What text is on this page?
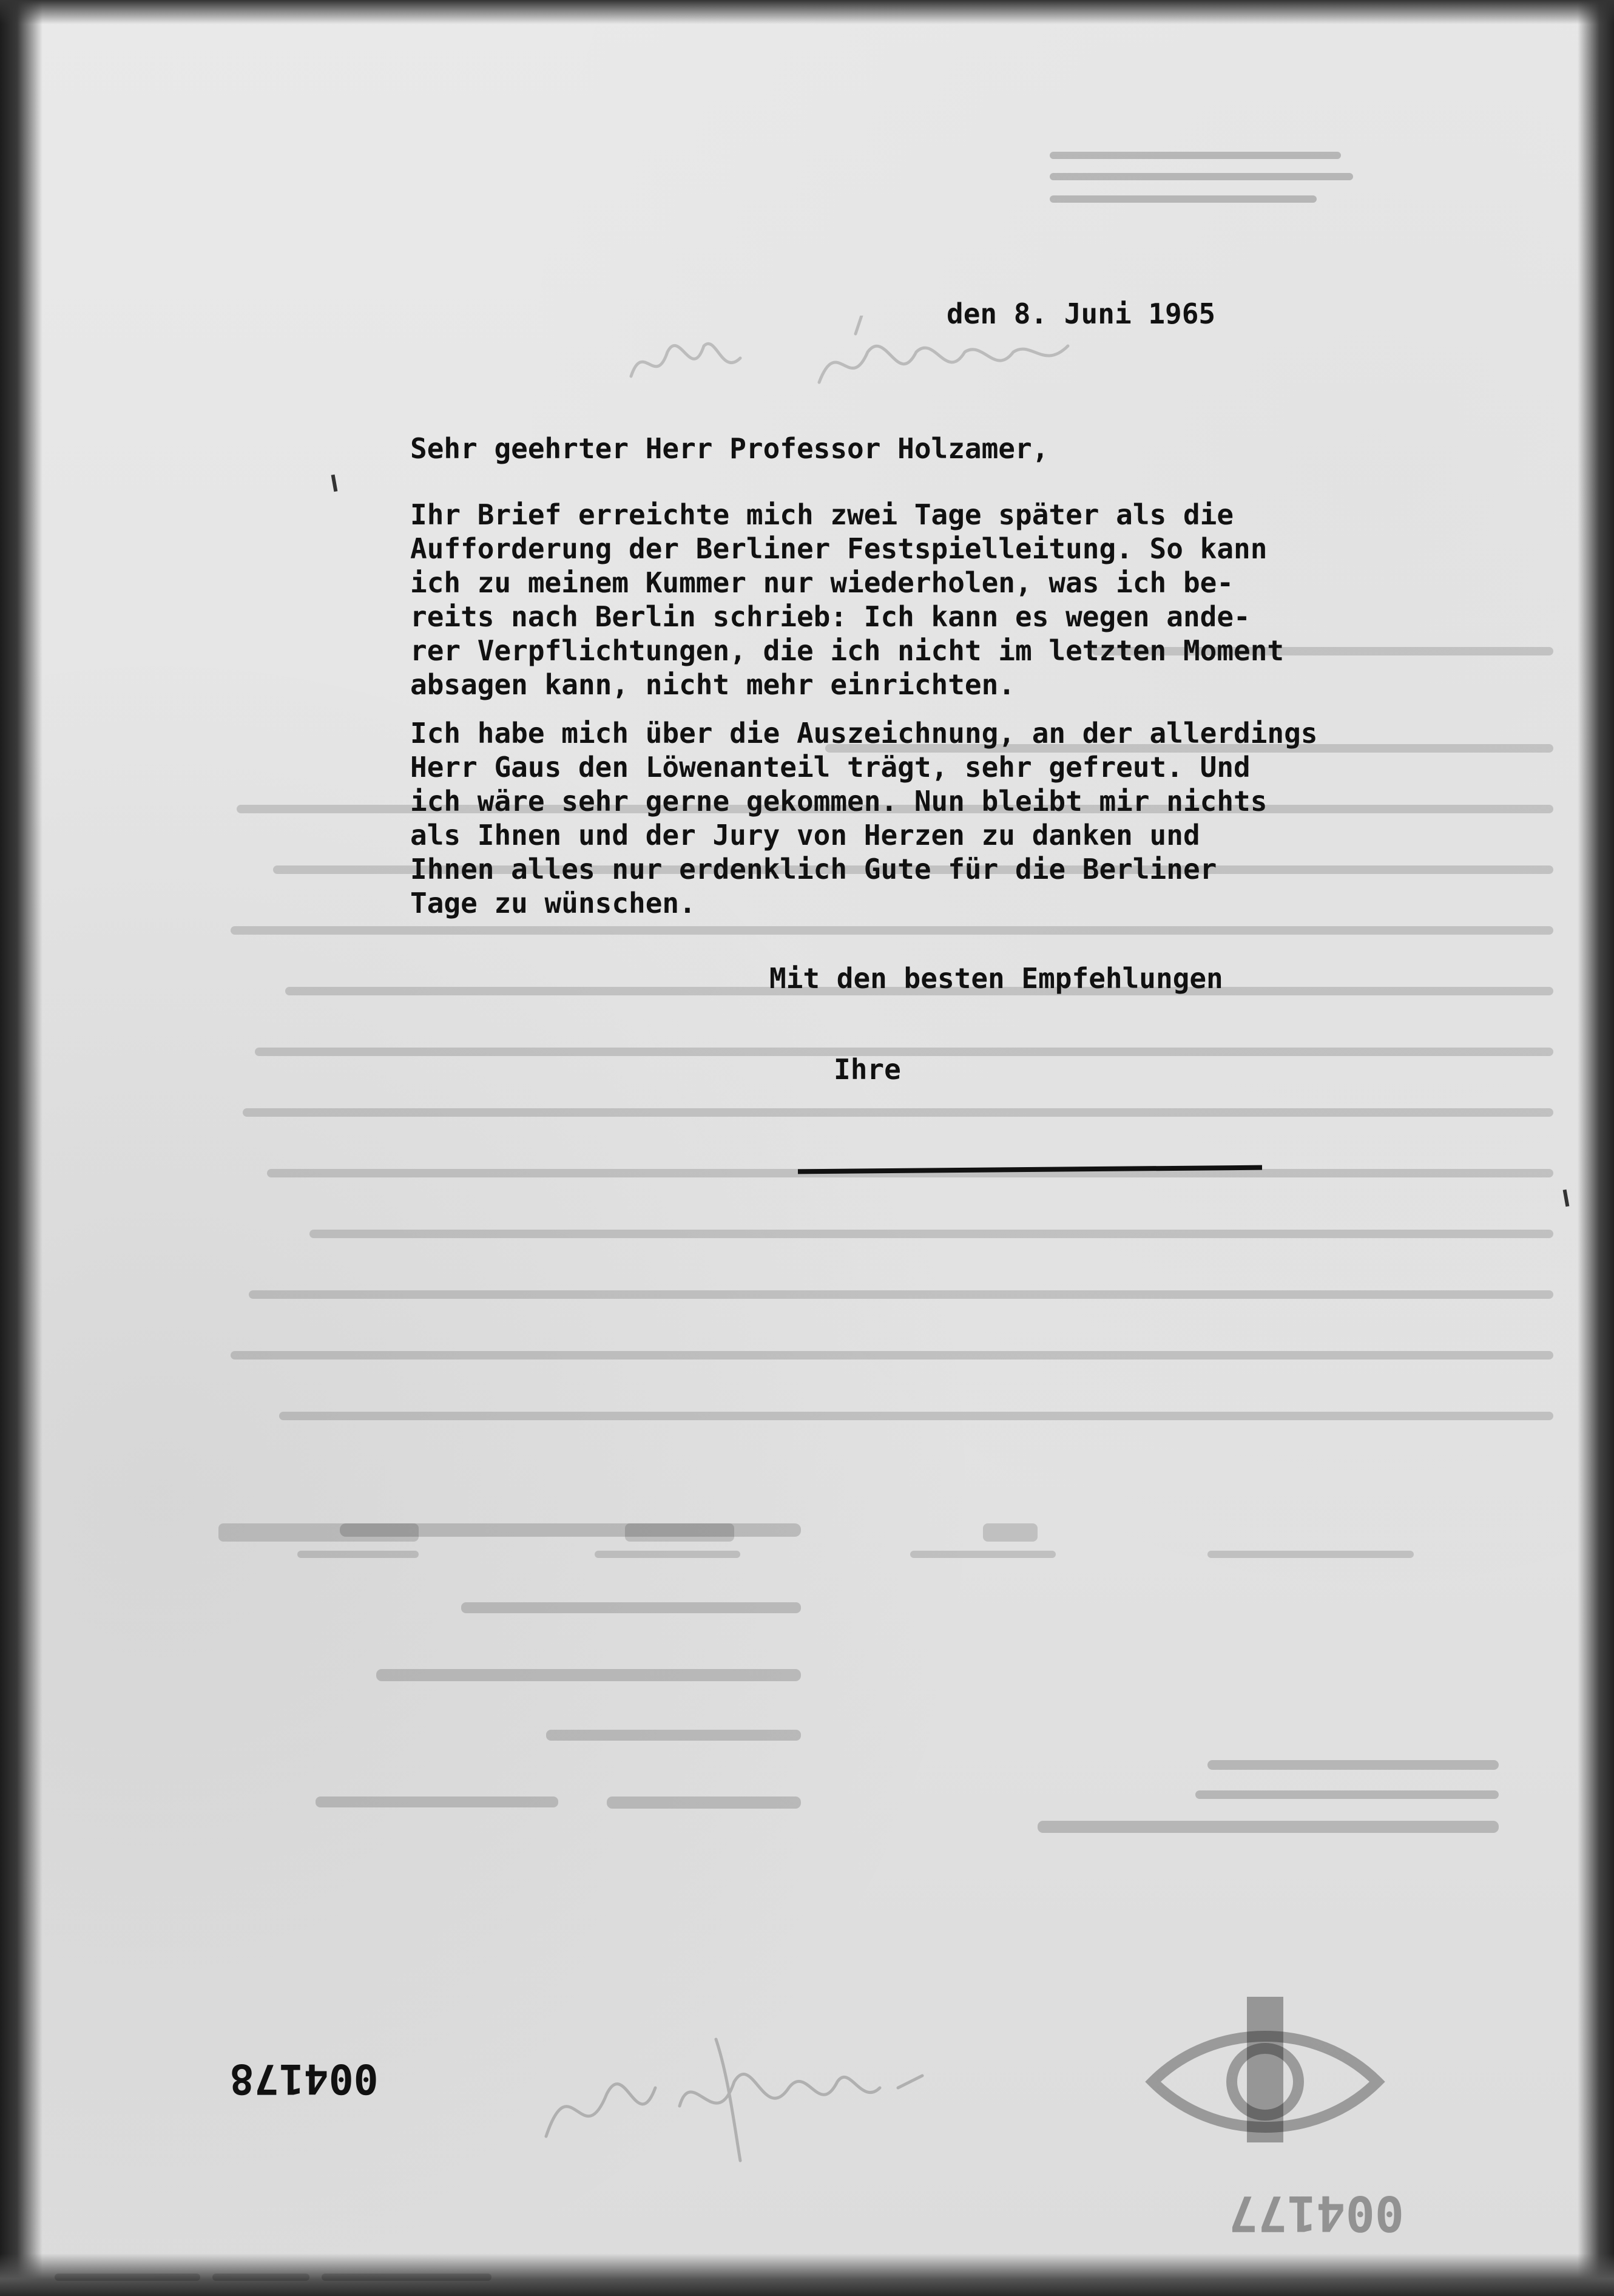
den 8. Juni 1965
Sehr geehrter Herr Professor Holzamer,
Ihr Brief erreichte mich zwei Tage später als die
Aufforderung der Berliner Festspielleitung. So kann
ich zu meinem Kummer nur wiederholen, was ich be-
reits nach Berlin schrieb: Ich kann es wegen ande-
rer Verpflichtungen, die ich nicht im letzten Moment
absagen kann, nicht mehr einrichten.
Ich habe mich über die Auszeichnung, an der allerdings
Herr Gaus den Löwenanteil trägt, sehr gefreut. Und
ich wäre sehr gerne gekommen. Nun bleibt mir nichts
als Ihnen und der Jury von Herzen zu danken und
Ihnen alles nur erdenklich Gute für die Berliner
Tage zu wünschen.
Mit den besten Empfehlungen
Ihre
004178
004177
